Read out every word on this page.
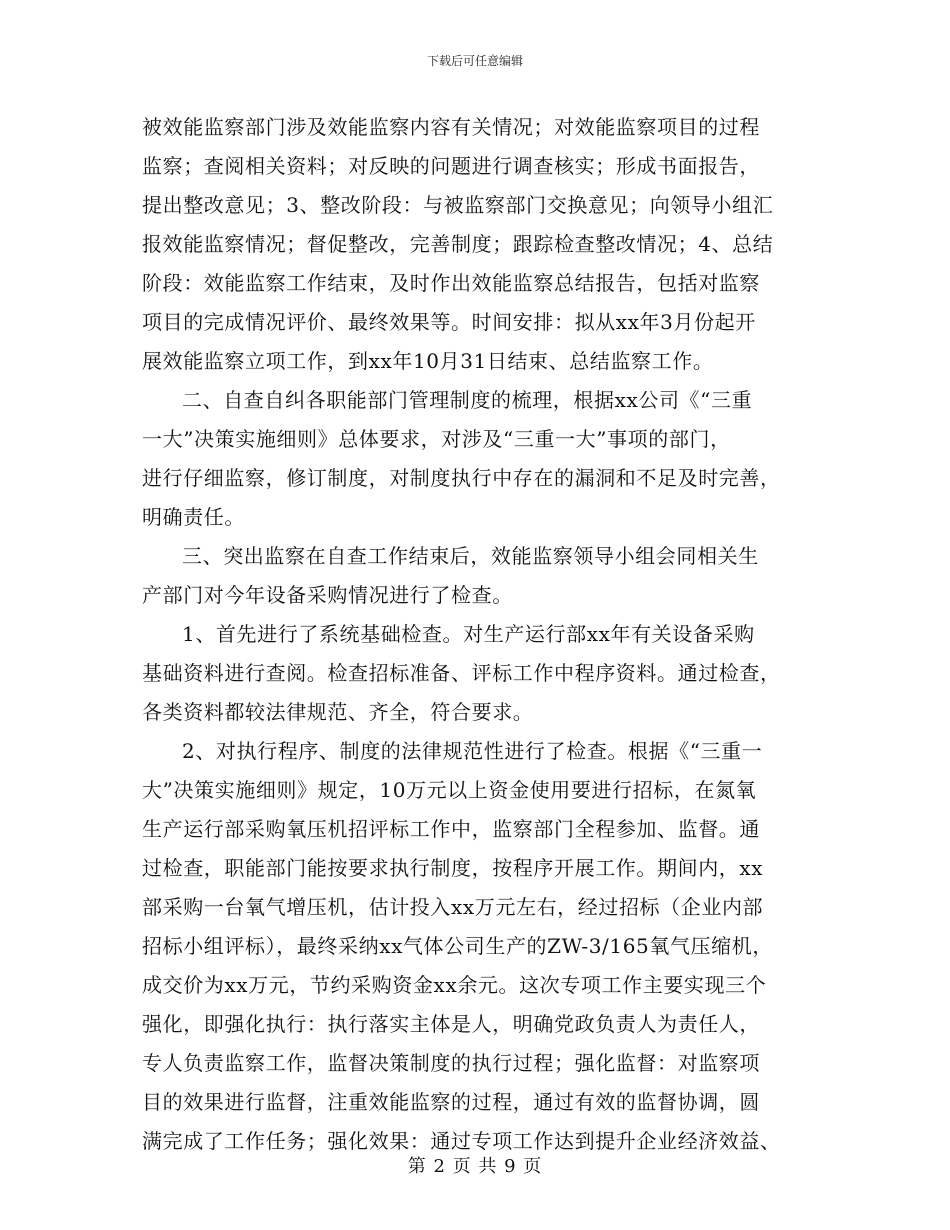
下载后可任意编辑
被效能监察部门涉及效能监察内容有关情况；对效能监察项目的过程
监察；查阅相关资料；对反映的问题进行调查核实；形成书面报告，
提出整改意见；3、整改阶段：与被监察部门交换意见；向领导小组汇
报效能监察情况；督促整改，完善制度；跟踪检查整改情况；4、总结
阶段：效能监察工作结束，及时作出效能监察总结报告，包括对监察
项目的完成情况评价、最终效果等。时间安排：拟从xx年3月份起开
展效能监察立项工作，到xx年10月31日结束、总结监察工作。
二、自查自纠各职能部门管理制度的梳理，根据xx公司《“三重
一大”决策实施细则》总体要求，对涉及“三重一大”事项的部门，
进行仔细监察，修订制度，对制度执行中存在的漏洞和不足及时完善，
明确责任。
三、突出监察在自查工作结束后，效能监察领导小组会同相关生
产部门对今年设备采购情况进行了检查。
1、首先进行了系统基础检查。对生产运行部xx年有关设备采购
基础资料进行查阅。检查招标准备、评标工作中程序资料。通过检查，
各类资料都较法律规范、齐全，符合要求。
2、对执行程序、制度的法律规范性进行了检查。根据《“三重一
大”决策实施细则》规定，10万元以上资金使用要进行招标，在氮氧
生产运行部采购氧压机招评标工作中，监察部门全程参加、监督。通
过检查，职能部门能按要求执行制度，按程序开展工作。期间内，xx
部采购一台氧气增压机，估计投入xx万元左右，经过招标（企业内部
招标小组评标），最终采纳xx气体公司生产的ZW-3/165氧气压缩机，
成交价为xx万元，节约采购资金xx余元。这次专项工作主要实现三个
强化，即强化执行：执行落实主体是人，明确党政负责人为责任人，
专人负责监察工作，监督决策制度的执行过程；强化监督：对监察项
目的效果进行监督，注重效能监察的过程，通过有效的监督协调，圆
满完成了工作任务；强化效果：通过专项工作达到提升企业经济效益、
第 2 页 共 9 页
